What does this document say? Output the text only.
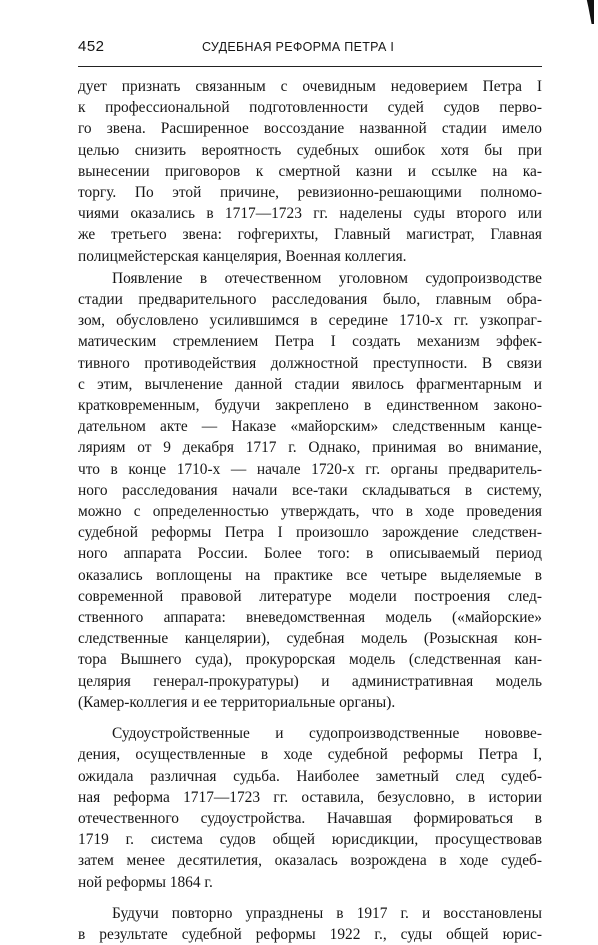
452	СУДЕБНАЯ РЕФОРМА ПЕТРА I
дует признать связанным с очевидным недоверием Петра I
к профессиональной подготовленности судей судов перво-
го звена. Расширенное воссоздание названной стадии имело
целью снизить вероятность судебных ошибок хотя бы при
вынесении приговоров к смертной казни и ссылке на ка-
торгу. По этой причине, ревизионно-решающими полномо-
чиями оказались в 1717—1723 гг. наделены суды второго или
же третьего звена: гофгерихты, Главный магистрат, Главная
полицмейстерская канцелярия, Военная коллегия.
Появление в отечественном уголовном судопроизводстве
стадии предварительного расследования было, главным обра-
зом, обусловлено усилившимся в середине 1710-х гг. узкопраг-
матическим стремлением Петра I создать механизм эффек-
тивного противодействия должностной преступности. В связи
с этим, вычленение данной стадии явилось фрагментарным и
кратковременным, будучи закреплено в единственном законо-
дательном акте — Наказе «майорским» следственным канце-
ляриям от 9 декабря 1717 г. Однако, принимая во внимание,
что в конце 1710-х — начале 1720-х гг. органы предваритель-
ного расследования начали все-таки складываться в систему,
можно с определенностью утверждать, что в ходе проведения
судебной реформы Петра I произошло зарождение следствен-
ного аппарата России. Более того: в описываемый период
оказались воплощены на практике все четыре выделяемые в
современной правовой литературе модели построения след-
ственного аппарата: вневедомственная модель («майорские»
следственные канцелярии), судебная модель (Розыскная кон-
тора Вышнего суда), прокурорская модель (следственная кан-
целярия генерал-прокуратуры) и административная модель
(Камер-коллегия и ее территориальные органы).
Судоустройственные и судопроизводственные нововве-
дения, осуществленные в ходе судебной реформы Петра I,
ожидала различная судьба. Наиболее заметный след судеб-
ная реформа 1717—1723 гг. оставила, безусловно, в истории
отечественного судоустройства. Начавшая формироваться в
1719 г. система судов общей юрисдикции, просуществовав
затем менее десятилетия, оказалась возрождена в ходе судеб-
ной реформы 1864 г.
Будучи повторно упразднены в 1917 г. и восстановлены
в результате судебной реформы 1922 г., суды общей юрис-
